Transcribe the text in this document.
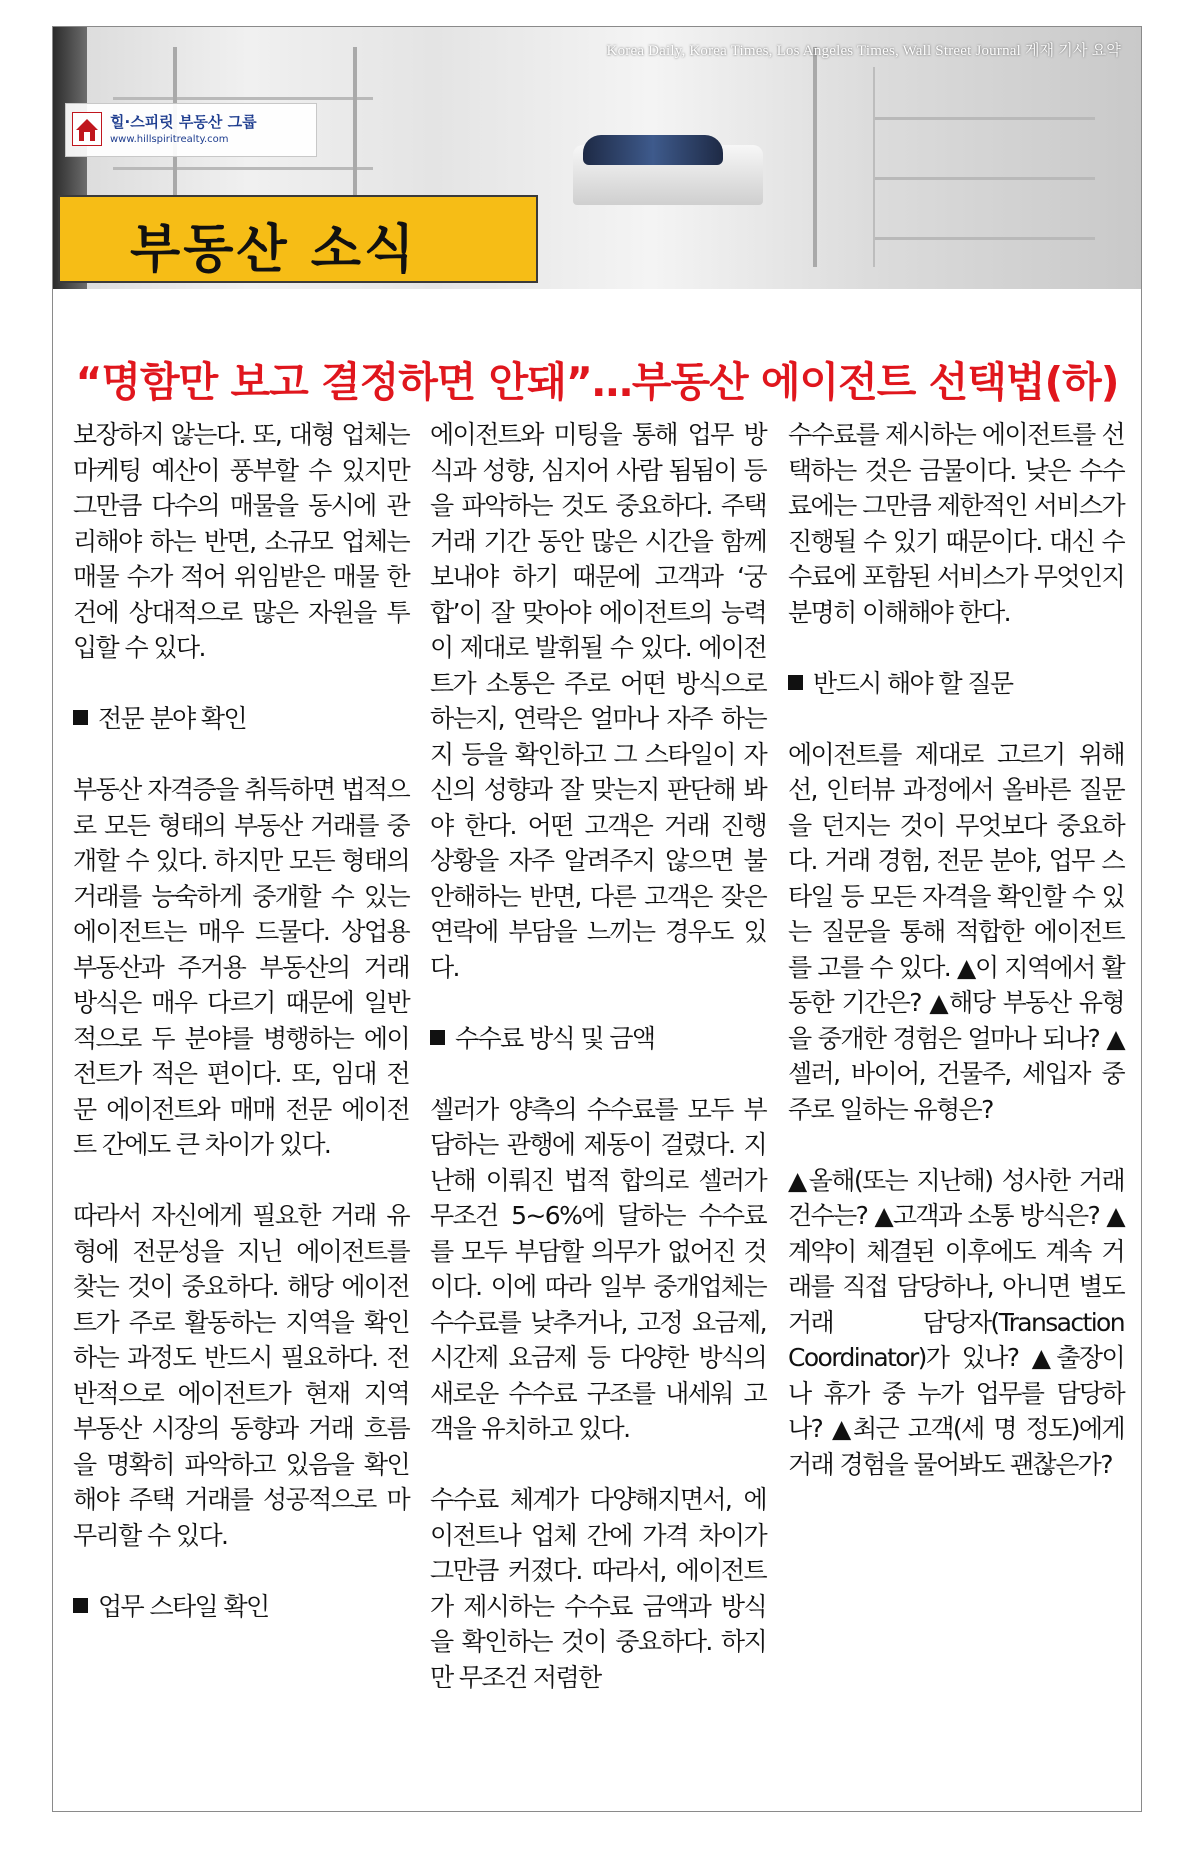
Korea Daily, Korea Times, Los Angeles Times, Wall Street Journal 게재 기사 요약
힐·스피릿 부동산 그룹
www.hillspiritrealty.com
부동산 소식
“명함만 보고 결정하면 안돼”…부동산 에이전트 선택법(하)

보장하지 않는다. 또, 대형 업체는 마케팅 예산이 풍부할 수 있지만 그만큼 다수의 매물을 동시에 관리해야 하는 반면, 소규모 업체는 매물 수가 적어 위임받은 매물 한 건에 상대적으로 많은 자원을 투입할 수 있다.

전문 분야 확인

부동산 자격증을 취득하면 법적으로 모든 형태의 부동산 거래를 중개할 수 있다. 하지만 모든 형태의 거래를 능숙하게 중개할 수 있는 에이전트는 매우 드물다. 상업용 부동산과 주거용 부동산의 거래 방식은 매우 다르기 때문에 일반적으로 두 분야를 병행하는 에이전트가 적은 편이다. 또, 임대 전문 에이전트와 매매 전문 에이전트 간에도 큰 차이가 있다.

따라서 자신에게 필요한 거래 유형에 전문성을 지닌 에이전트를 찾는 것이 중요하다. 해당 에이전트가 주로 활동하는 지역을 확인하는 과정도 반드시 필요하다. 전반적으로 에이전트가 현재 지역 부동산 시장의 동향과 거래 흐름을 명확히 파악하고 있음을 확인해야 주택 거래를 성공적으로 마무리할 수 있다.

업무 스타일 확인

에이전트와 미팅을 통해 업무 방식과 성향, 심지어 사람 됨됨이 등을 파악하는 것도 중요하다. 주택 거래 기간 동안 많은 시간을 함께 보내야 하기 때문에 고객과 ‘궁합’이 잘 맞아야 에이전트의 능력이 제대로 발휘될 수 있다. 에이전트가 소통은 주로 어떤 방식으로 하는지, 연락은 얼마나 자주 하는지 등을 확인하고 그 스타일이 자신의 성향과 잘 맞는지 판단해 봐야 한다. 어떤 고객은 거래 진행 상황을 자주 알려주지 않으면 불안해하는 반면, 다른 고객은 잦은 연락에 부담을 느끼는 경우도 있다.

수수료 방식 및 금액

셀러가 양측의 수수료를 모두 부담하는 관행에 제동이 걸렸다. 지난해 이뤄진 법적 합의로 셀러가 무조건 5~6%에 달하는 수수료를 모두 부담할 의무가 없어진 것이다. 이에 따라 일부 중개업체는 수수료를 낮추거나, 고정 요금제, 시간제 요금제 등 다양한 방식의 새로운 수수료 구조를 내세워 고객을 유치하고 있다.

수수료 체계가 다양해지면서, 에이전트나 업체 간에 가격 차이가 그만큼 커졌다. 따라서, 에이전트가 제시하는 수수료 금액과 방식을 확인하는 것이 중요하다. 하지만 무조건 저렴한

수수료를 제시하는 에이전트를 선택하는 것은 금물이다. 낮은 수수료에는 그만큼 제한적인 서비스가 진행될 수 있기 때문이다. 대신 수수료에 포함된 서비스가 무엇인지 분명히 이해해야 한다.

반드시 해야 할 질문

에이전트를 제대로 고르기 위해선, 인터뷰 과정에서 올바른 질문을 던지는 것이 무엇보다 중요하다. 거래 경험, 전문 분야, 업무 스타일 등 모든 자격을 확인할 수 있는 질문을 통해 적합한 에이전트를 고를 수 있다. ▲이 지역에서 활동한 기간은? ▲해당 부동산 유형을 중개한 경험은 얼마나 되나? ▲셀러, 바이어, 건물주, 세입자 중 주로 일하는 유형은?

▲올해(또는 지난해) 성사한 거래 건수는? ▲고객과 소통 방식은? ▲계약이 체결된 이후에도 계속 거래를 직접 담당하나, 아니면 별도 거래 담당자(Transaction Coordinator)가 있나? ▲출장이나 휴가 중 누가 업무를 담당하나? ▲최근 고객(세 명 정도)에게 거래 경험을 물어봐도 괜찮은가?
